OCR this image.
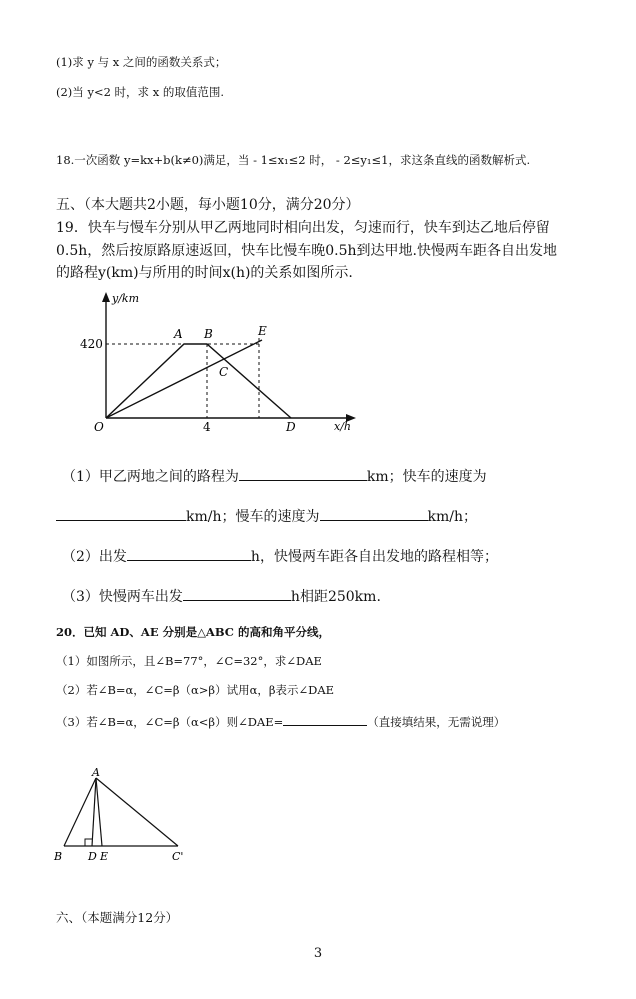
(1)求 y 与 x 之间的函数关系式；
(2)当 y<2 时，求 x 的取值范围.
18.一次函数 y=kx+b(k≠0)满足，当 - 1≤x₁≤2 时， - 2≤y₁≤1，求这条直线的函数解析式.
五、（本大题共2小题，每小题10分，满分20分）
19．快车与慢车分别从甲乙两地同时相向出发，匀速而行，快车到达乙地后停留
0.5h，然后按原路原速返回，快车比慢车晚0.5h到达甲地.快慢两车距各自出发地
的路程y(km)与所用的时间x(h)的关系如图所示.
y/km
x/h
420
4
O
A B
C
D
E
（1）甲乙两地之间的路程为	km；快车的速度为
km/h；慢车的速度为	km/h；
（2）出发	h，快慢两车距各自出发地的路程相等；
（3）快慢两车出发	h相距250km.
20．已知 AD、AE 分别是△ABC 的高和角平分线，
（1）如图所示，且∠B=77°，∠C=32°，求∠DAE
（2）若∠B=α，∠C=β（α>β）试用α，β表示∠DAE
（3）若∠B=α，∠C=β（α<β）则∠DAE=	（直接填结果，无需说理）
A
B D E	C'
六、（本题满分12分）
3
